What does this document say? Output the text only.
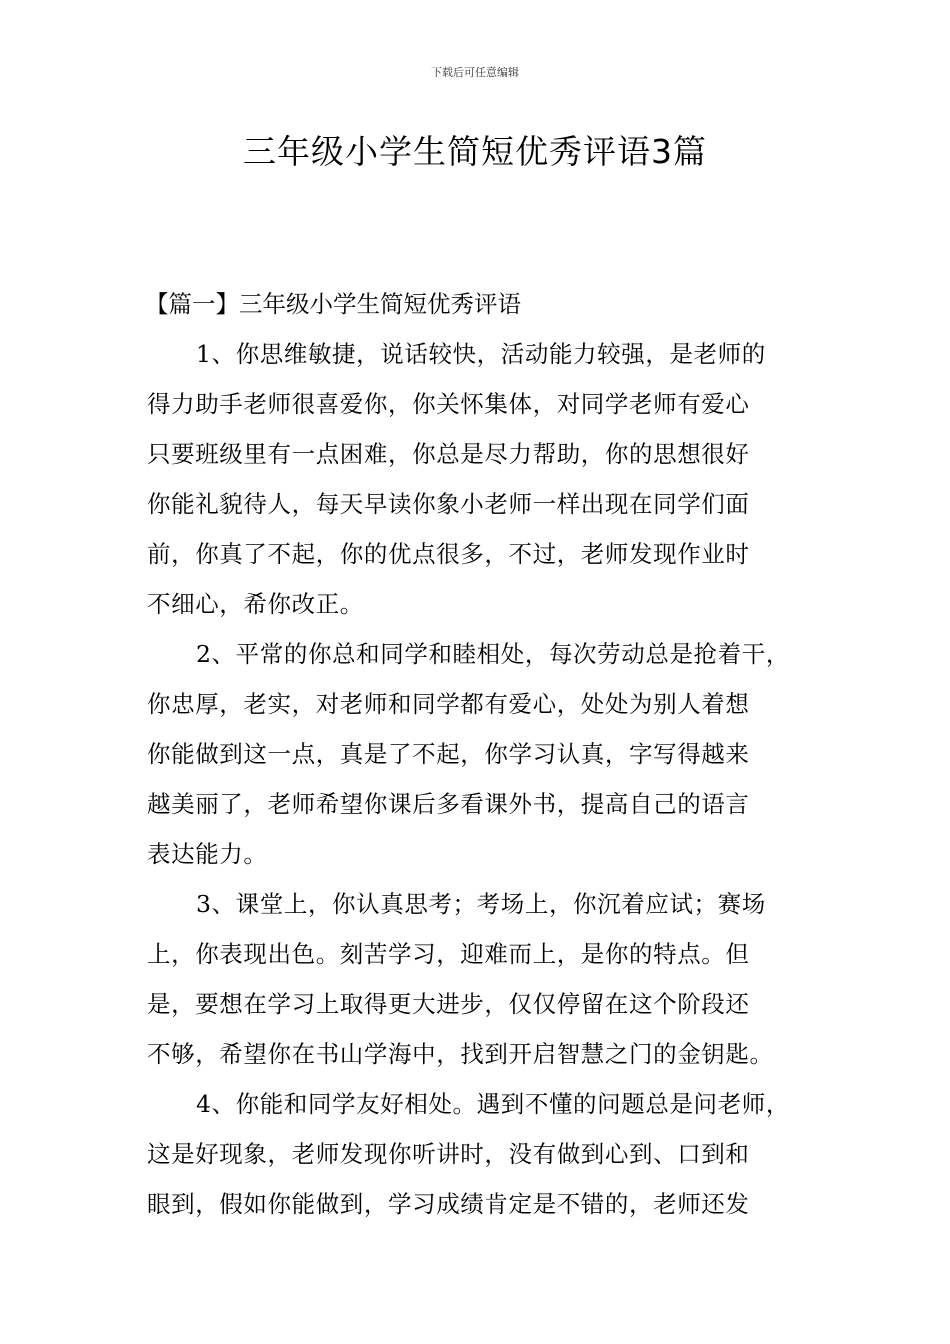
下载后可任意编辑
三年级小学生简短优秀评语3篇
【篇一】三年级小学生简短优秀评语
1、你思维敏捷，说话较快，活动能力较强，是老师的
得力助手老师很喜爱你，你关怀集体，对同学老师有爱心
只要班级里有一点困难，你总是尽力帮助，你的思想很好
你能礼貌待人，每天早读你象小老师一样出现在同学们面
前，你真了不起，你的优点很多，不过，老师发现作业时
不细心，希你改正。
2、平常的你总和同学和睦相处，每次劳动总是抢着干，
你忠厚，老实，对老师和同学都有爱心，处处为别人着想
你能做到这一点，真是了不起，你学习认真，字写得越来
越美丽了，老师希望你课后多看课外书，提高自己的语言
表达能力。
3、课堂上，你认真思考；考场上，你沉着应试；赛场
上，你表现出色。刻苦学习，迎难而上，是你的特点。但
是，要想在学习上取得更大进步，仅仅停留在这个阶段还
不够，希望你在书山学海中，找到开启智慧之门的金钥匙。
4、你能和同学友好相处。遇到不懂的问题总是问老师，
这是好现象，老师发现你听讲时，没有做到心到、口到和
眼到，假如你能做到，学习成绩肯定是不错的，老师还发
